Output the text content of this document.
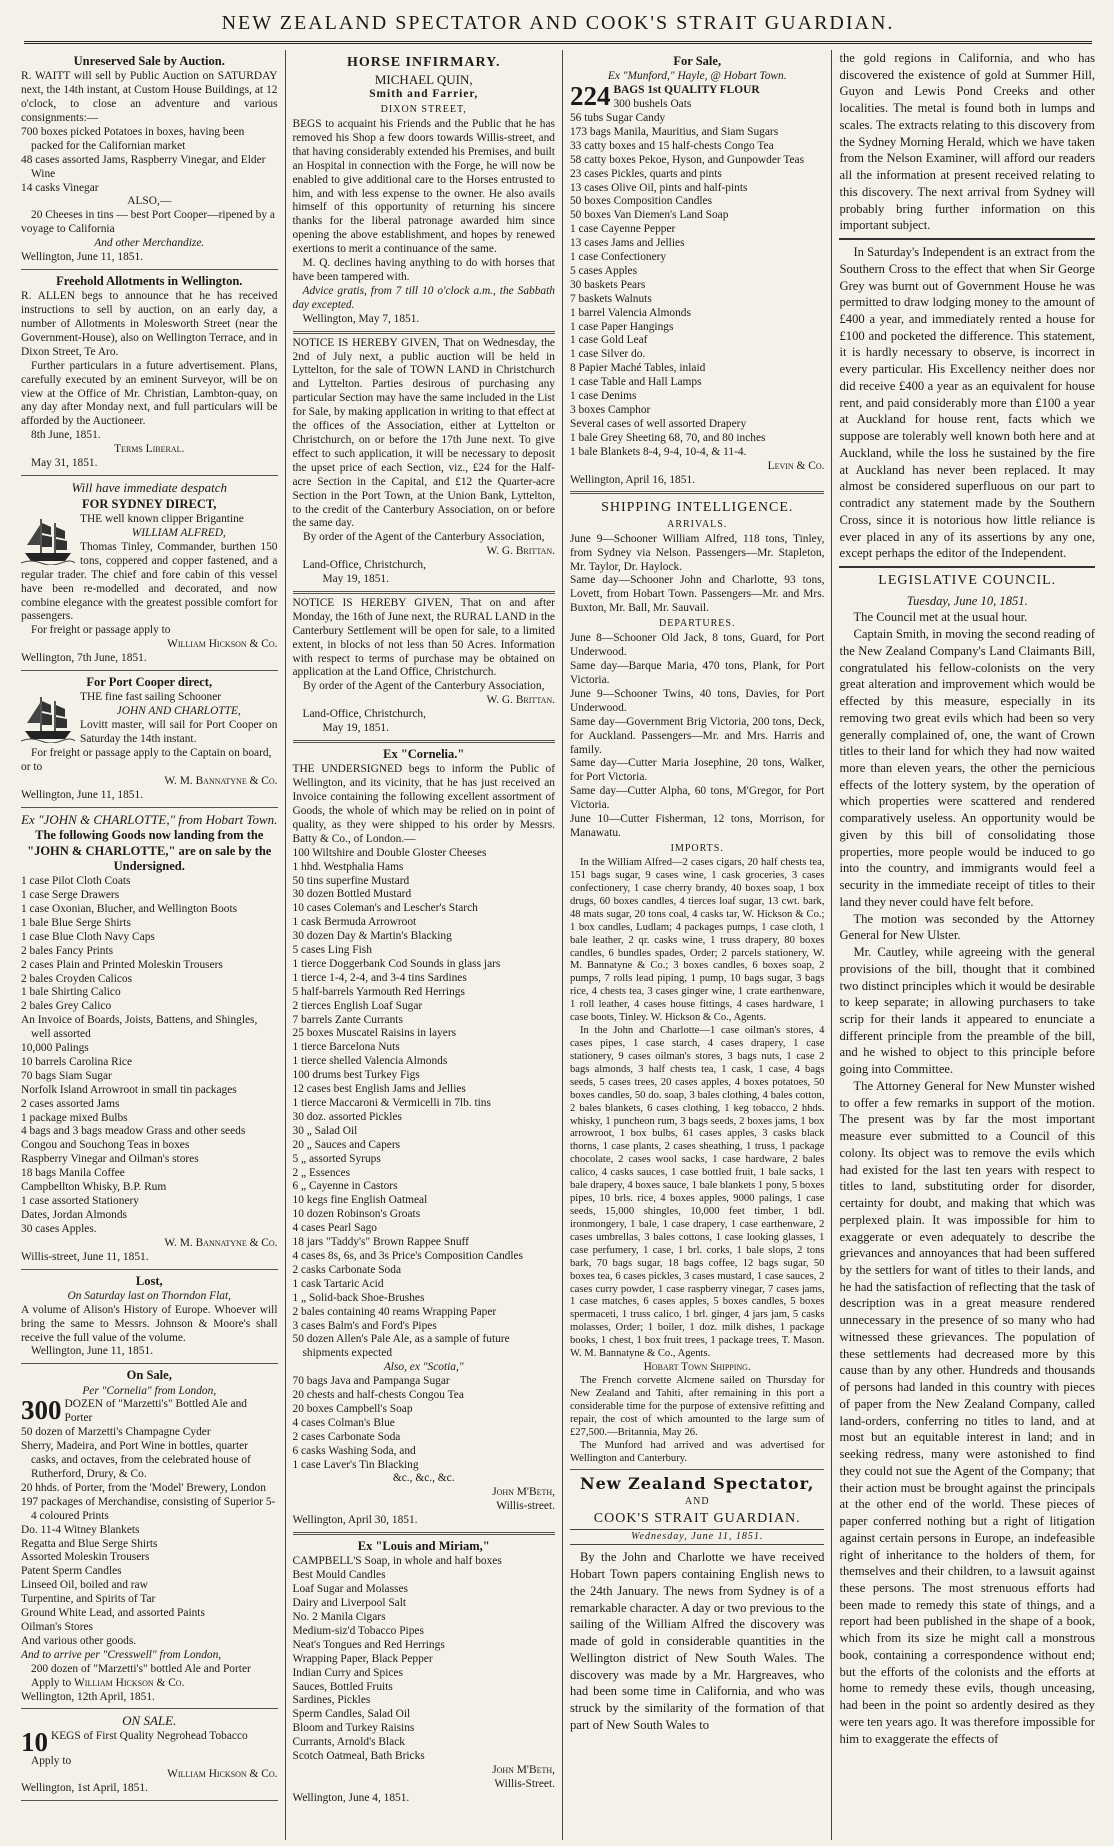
NEW ZEALAND SPECTATOR AND COOK'S STRAIT GUARDIAN.
Unreserved Sale by Auction.

R. WAITT will sell by Public Auction on SATURDAY next, the 14th instant, at Custom House Buildings, at 12 o'clock, to close an adventure and various consignments:—

700 boxes picked Potatoes in boxes, having been packed for the Californian market
48 cases assorted Jams, Raspberry Vinegar, and Elder Wine
14 casks Vinegar
ALSO,—

20 Cheeses in tins — best Port Cooper—ripened by a voyage to California

And other Merchandize.
Wellington, June 11, 1851.
Freehold Allotments in Wellington.

R. ALLEN begs to announce that he has received instructions to sell by auction, on an early day, a number of Allotments in Molesworth Street (near the Government-House), also on Wellington Terrace, and in Dixon Street, Te Aro.

Further particulars in a future advertisement. Plans, carefully executed by an eminent Surveyor, will be on view at the Office of Mr. Christian, Lambton-quay, on any day after Monday next, and full particulars will be afforded by the Auctioneer.

8th June, 1851.
Terms Liberal.
May 31, 1851.
Will have immediate despatch
FOR SYDNEY DIRECT,

THE well known clipper Brigantine

WILLIAM ALFRED,

Thomas Tinley, Commander, burthen 150 tons, coppered and copper fastened, and a regular trader. The chief and fore cabin of this vessel have been re-modelled and decorated, and now combine elegance with the greatest possible comfort for passengers.

For freight or passage apply to

William Hickson & Co.

Wellington, 7th June, 1851.

For Port Cooper direct,

THE fine fast sailing Schooner

JOHN AND CHARLOTTE,

Lovitt master, will sail for Port Cooper on Saturday the 14th instant.

For freight or passage apply to the Captain on board, or to

W. M. Bannatyne & Co.

Wellington, June 11, 1851.

Ex "JOHN & CHARLOTTE," from Hobart Town.
The following Goods now landing from the "JOHN & CHARLOTTE," are on sale by the Undersigned.
1 case Pilot Cloth Coats
1 case Serge Drawers
1 case Oxonian, Blucher, and Wellington Boots
1 bale Blue Serge Shirts
1 case Blue Cloth Navy Caps
2 bales Fancy Prints
2 cases Plain and Printed Moleskin Trousers
2 bales Croyden Calicos
1 bale Shirting Calico
2 bales Grey Calico
An Invoice of Boards, Joists, Battens, and Shingles, well assorted
10,000 Palings
10 barrels Carolina Rice
70 bags Siam Sugar
Norfolk Island Arrowroot in small tin packages
2 cases assorted Jams
1 package mixed Bulbs
4 bags and 3 bags meadow Grass and other seeds
Congou and Souchong Teas in boxes
Raspberry Vinegar and Oilman's stores
18 bags Manila Coffee
Campbellton Whisky, B.P. Rum
1 case assorted Stationery
Dates, Jordan Almonds
30 cases Apples.

W. M. Bannatyne & Co.

Willis-street, June 11, 1851.

Lost,
On Saturday last on Thorndon Flat,

A volume of Alison's History of Europe. Whoever will bring the same to Messrs. Johnson & Moore's shall receive the full value of the volume.

Wellington, June 11, 1851.

On Sale,
Per "Cornelia" from London,
300 DOZEN of "Marzetti's" Bottled Ale and Porter

50 dozen of Marzetti's Champagne Cyder
Sherry, Madeira, and Port Wine in bottles, quarter casks, and octaves, from the celebrated house of Rutherford, Drury, & Co.
20 hhds. of Porter, from the 'Model' Brewery, London
197 packages of Merchandise, consisting of Superior 5-4 coloured Prints
Do. 11-4 Witney Blankets
Regatta and Blue Serge Shirts
Assorted Moleskin Trousers
Patent Sperm Candles
Linseed Oil, boiled and raw
Turpentine, and Spirits of Tar
Ground White Lead, and assorted Paints
Oilman's Stores
And various other goods.

And to arrive per "Cresswell" from London,

200 dozen of "Marzetti's" bottled Ale and Porter

Apply to William Hickson & Co.

Wellington, 12th April, 1851.

ON SALE.
10 KEGS of First Quality Negrohead Tobacco

Apply to

William Hickson & Co.

Wellington, 1st April, 1851.

HORSE INFIRMARY.
MICHAEL QUIN,
Smith and Farrier,
DIXON STREET,

BEGS to acquaint his Friends and the Public that he has removed his Shop a few doors towards Willis-street, and that having considerably extended his Premises, and built an Hospital in connection with the Forge, he will now be enabled to give additional care to the Horses entrusted to him, and with less expense to the owner. He also avails himself of this opportunity of returning his sincere thanks for the liberal patronage awarded him since opening the above establishment, and hopes by renewed exertions to merit a continuance of the same.

M. Q. declines having anything to do with horses that have been tampered with.

Advice gratis, from 7 till 10 o'clock a.m., the Sabbath day excepted.

Wellington, May 7, 1851.

NOTICE IS HEREBY GIVEN, That on Wednesday, the 2nd of July next, a public auction will be held in Lyttelton, for the sale of TOWN LAND in Christchurch and Lyttelton. Parties desirous of purchasing any particular Section may have the same included in the List for Sale, by making application in writing to that effect at the offices of the Association, either at Lyttelton or Christchurch, on or before the 17th June next. To give effect to such application, it will be necessary to deposit the upset price of each Section, viz., £24 for the Half-acre Section in the Capital, and £12 the Quarter-acre Section in the Port Town, at the Union Bank, Lyttelton, to the credit of the Canterbury Association, on or before the same day.

By order of the Agent of the Canterbury Association,

W. G. Brittan.

Land-Office, Christchurch,

May 19, 1851.

NOTICE IS HEREBY GIVEN, That on and after Monday, the 16th of June next, the RURAL LAND in the Canterbury Settlement will be open for sale, to a limited extent, in blocks of not less than 50 Acres. Information with respect to terms of purchase may be obtained on application at the Land Office, Christchurch.

By order of the Agent of the Canterbury Association,

W. G. Brittan.

Land-Office, Christchurch,

May 19, 1851.

Ex "Cornelia."

THE UNDERSIGNED begs to inform the Public of Wellington, and its vicinity, that he has just received an Invoice containing the following excellent assortment of Goods, the whole of which may be relied on in point of quality, as they were shipped to his order by Messrs. Batty & Co., of London.—

100 Wiltshire and Double Gloster Cheeses
1 hhd. Westphalia Hams
50 tins superfine Mustard
30 dozen Bottled Mustard
10 cases Coleman's and Lescher's Starch
1 cask Bermuda Arrowroot
30 dozen Day & Martin's Blacking
5 cases Ling Fish
1 tierce Doggerbank Cod Sounds in glass jars
1 tierce 1-4, 2-4, and 3-4 tins Sardines
5 half-barrels Yarmouth Red Herrings
2 tierces English Loaf Sugar
7 barrels Zante Currants
25 boxes Muscatel Raisins in layers
1 tierce Barcelona Nuts
1 tierce shelled Valencia Almonds
100 drums best Turkey Figs
12 cases best English Jams and Jellies
1 tierce Maccaroni & Vermicelli in 7lb. tins
30 doz. assorted Pickles
30 „ Salad Oil
20 „ Sauces and Capers
5 „ assorted Syrups
2 „ Essences
6 „ Cayenne in Castors
10 kegs fine English Oatmeal
10 dozen Robinson's Groats
4 cases Pearl Sago
18 jars "Taddy's" Brown Rappee Snuff
4 cases 8s, 6s, and 3s Price's Composition Candles
2 casks Carbonate Soda
1 cask Tartaric Acid
1 „ Solid-back Shoe-Brushes
2 bales containing 40 reams Wrapping Paper
3 cases Balm's and Ford's Pipes
50 dozen Allen's Pale Ale, as a sample of future shipments expected
Also, ex "Scotia,"
70 bags Java and Pampanga Sugar
20 chests and half-chests Congou Tea
20 boxes Campbell's Soap
4 cases Colman's Blue
2 cases Carbonate Soda
6 casks Washing Soda, and
1 case Laver's Tin Blacking
&c., &c., &c.

John M'Beth,

Willis-street.

Wellington, April 30, 1851.

Ex "Louis and Miriam,"

CAMPBELL'S Soap, in whole and half boxes

Best Mould Candles
Loaf Sugar and Molasses
Dairy and Liverpool Salt
No. 2 Manila Cigars
Medium-siz'd Tobacco Pipes
Neat's Tongues and Red Herrings
Wrapping Paper, Black Pepper
Indian Curry and Spices
Sauces, Bottled Fruits
Sardines, Pickles
Sperm Candles, Salad Oil
Bloom and Turkey Raisins
Currants, Arnold's Black
Scotch Oatmeal, Bath Bricks

John M'Beth,

Willis-Street.

Wellington, June 4, 1851.

For Sale,
Ex "Munford," Hayle, @ Hobart Town.
224 BAGS 1st QUALITY FLOUR

300 bushels Oats

56 tubs Sugar Candy
173 bags Manila, Mauritius, and Siam Sugars
33 catty boxes and 15 half-chests Congo Tea
58 catty boxes Pekoe, Hyson, and Gunpowder Teas
23 cases Pickles, quarts and pints
13 cases Olive Oil, pints and half-pints
50 boxes Composition Candles
50 boxes Van Diemen's Land Soap
1 case Cayenne Pepper
13 cases Jams and Jellies
1 case Confectionery
5 cases Apples
30 baskets Pears
7 baskets Walnuts
1 barrel Valencia Almonds
1 case Paper Hangings
1 case Gold Leaf
1 case Silver do.
8 Papier Maché Tables, inlaid
1 case Table and Hall Lamps
1 case Denims
3 boxes Camphor
Several cases of well assorted Drapery
1 bale Grey Sheeting 68, 70, and 80 inches
1 bale Blankets 8-4, 9-4, 10-4, & 11-4.

Levin & Co.

Wellington, April 16, 1851.

SHIPPING INTELLIGENCE.
ARRIVALS.

June 9—Schooner William Alfred, 118 tons, Tinley, from Sydney via Nelson. Passengers—Mr. Stapleton, Mr. Taylor, Dr. Haylock.

Same day—Schooner John and Charlotte, 93 tons, Lovett, from Hobart Town. Passengers—Mr. and Mrs. Buxton, Mr. Ball, Mr. Sauvail.

DEPARTURES.

June 8—Schooner Old Jack, 8 tons, Guard, for Port Underwood.

Same day—Barque Maria, 470 tons, Plank, for Port Victoria.

June 9—Schooner Twins, 40 tons, Davies, for Port Underwood.

Same day—Government Brig Victoria, 200 tons, Deck, for Auckland. Passengers—Mr. and Mrs. Harris and family.

Same day—Cutter Maria Josephine, 20 tons, Walker, for Port Victoria.

Same day—Cutter Alpha, 60 tons, M'Gregor, for Port Victoria.

June 10—Cutter Fisherman, 12 tons, Morrison, for Manawatu.

IMPORTS.

In the William Alfred—2 cases cigars, 20 half chests tea, 151 bags sugar, 9 cases wine, 1 cask groceries, 3 cases confectionery, 1 case cherry brandy, 40 boxes soap, 1 box drugs, 60 boxes candles, 4 tierces loaf sugar, 13 cwt. bark, 48 mats sugar, 20 tons coal, 4 casks tar, W. Hickson & Co.; 1 box candles, Ludlam; 4 packages pumps, 1 case cloth, 1 bale leather, 2 qr. casks wine, 1 truss drapery, 80 boxes candles, 6 bundles spades, Order; 2 parcels stationery, W. M. Bannatyne & Co.; 3 boxes candles, 6 boxes soap, 2 pumps, 7 rolls lead piping, 1 pump, 10 bags sugar, 3 bags rice, 4 chests tea, 3 cases ginger wine, 1 crate earthenware, 1 roll leather, 4 cases house fittings, 4 cases hardware, 1 case boots, Tinley. W. Hickson & Co., Agents.

In the John and Charlotte—1 case oilman's stores, 4 cases pipes, 1 case starch, 4 cases drapery, 1 case stationery, 9 cases oilman's stores, 3 bags nuts, 1 case 2 bags almonds, 3 half chests tea, 1 cask, 1 case, 4 bags seeds, 5 cases trees, 20 cases apples, 4 boxes potatoes, 50 boxes candles, 50 do. soap, 3 bales clothing, 4 bales cotton, 2 bales blankets, 6 cases clothing, 1 keg tobacco, 2 hhds. whisky, 1 puncheon rum, 3 bags seeds, 2 boxes jams, 1 box arrowroot, 1 box bulbs, 61 cases apples, 3 casks black thorns, 1 case plants, 2 cases sheathing, 1 truss, 1 package chocolate, 2 cases wool sacks, 1 case hardware, 2 bales calico, 4 casks sauces, 1 case bottled fruit, 1 bale sacks, 1 bale drapery, 4 boxes sauce, 1 bale blankets 1 pony, 5 boxes pipes, 10 brls. rice, 4 boxes apples, 9000 palings, 1 case seeds, 15,000 shingles, 10,000 feet timber, 1 bdl. ironmongery, 1 bale, 1 case drapery, 1 case earthenware, 2 cases umbrellas, 3 bales cottons, 1 case looking glasses, 1 case perfumery, 1 case, 1 brl. corks, 1 bale slops, 2 tons bark, 70 bags sugar, 18 bags coffee, 12 bags sugar, 50 boxes tea, 6 cases pickles, 3 cases mustard, 1 case sauces, 2 cases curry powder, 1 case raspberry vinegar, 7 cases jams, 1 case matches, 6 cases apples, 5 boxes candles, 5 boxes spermaceti, 1 truss calico, 1 brl. ginger, 4 jars jam, 5 casks molasses, Order; 1 boiler, 1 doz. milk dishes, 1 package books, 1 chest, 1 box fruit trees, 1 package trees, T. Mason. W. M. Bannatyne & Co., Agents.

Hobart Town Shipping.

The French corvette Alcmene sailed on Thursday for New Zealand and Tahiti, after remaining in this port a considerable time for the purpose of extensive refitting and repair, the cost of which amounted to the large sum of £27,500.—Britannia, May 26.

The Munford had arrived and was advertised for Wellington and Canterbury.

New Zealand Spectator,
AND
COOK'S STRAIT GUARDIAN.
Wednesday, June 11, 1851.

By the John and Charlotte we have received Hobart Town papers containing English news to the 24th January. The news from Sydney is of a remarkable character. A day or two previous to the sailing of the William Alfred the discovery was made of gold in considerable quantities in the Wellington district of New South Wales. The discovery was made by a Mr. Hargreaves, who had been some time in California, and who was struck by the similarity of the formation of that part of New South Wales to

the gold regions in California, and who has discovered the existence of gold at Summer Hill, Guyon and Lewis Pond Creeks and other localities. The metal is found both in lumps and scales. The extracts relating to this discovery from the Sydney Morning Herald, which we have taken from the Nelson Examiner, will afford our readers all the information at present received relating to this discovery. The next arrival from Sydney will probably bring further information on this important subject.

In Saturday's Independent is an extract from the Southern Cross to the effect that when Sir George Grey was burnt out of Government House he was permitted to draw lodging money to the amount of £400 a year, and immediately rented a house for £100 and pocketed the difference. This statement, it is hardly necessary to observe, is incorrect in every particular. His Excellency neither does nor did receive £400 a year as an equivalent for house rent, and paid considerably more than £100 a year at Auckland for house rent, facts which we suppose are tolerably well known both here and at Auckland, while the loss he sustained by the fire at Auckland has never been replaced. It may almost be considered superfluous on our part to contradict any statement made by the Southern Cross, since it is notorious how little reliance is ever placed in any of its assertions by any one, except perhaps the editor of the Independent.

LEGISLATIVE COUNCIL.

Tuesday, June 10, 1851.

The Council met at the usual hour.

Captain Smith, in moving the second reading of the New Zealand Company's Land Claimants Bill, congratulated his fellow-colonists on the very great alteration and improvement which would be effected by this measure, especially in its removing two great evils which had been so very generally complained of, one, the want of Crown titles to their land for which they had now waited more than eleven years, the other the pernicious effects of the lottery system, by the operation of which properties were scattered and rendered comparatively useless. An opportunity would be given by this bill of consolidating those properties, more people would be induced to go into the country, and immigrants would feel a security in the immediate receipt of titles to their land they never could have felt before.

The motion was seconded by the Attorney General for New Ulster.

Mr. Cautley, while agreeing with the general provisions of the bill, thought that it combined two distinct principles which it would be desirable to keep separate; in allowing purchasers to take scrip for their lands it appeared to enunciate a different principle from the preamble of the bill, and he wished to object to this principle before going into Committee.

The Attorney General for New Munster wished to offer a few remarks in support of the motion. The present was by far the most important measure ever submitted to a Council of this colony. Its object was to remove the evils which had existed for the last ten years with respect to titles to land, substituting order for disorder, certainty for doubt, and making that which was perplexed plain. It was impossible for him to exaggerate or even adequately to describe the grievances and annoyances that had been suffered by the settlers for want of titles to their lands, and he had the satisfaction of reflecting that the task of description was in a great measure rendered unnecessary in the presence of so many who had witnessed these grievances. The population of these settlements had decreased more by this cause than by any other. Hundreds and thousands of persons had landed in this country with pieces of paper from the New Zealand Company, called land-orders, conferring no titles to land, and at most but an equitable interest in land; and in seeking redress, many were astonished to find they could not sue the Agent of the Company; that their action must be brought against the principals at the other end of the world. These pieces of paper conferred nothing but a right of litigation against certain persons in Europe, an indefeasible right of inheritance to the holders of them, for themselves and their children, to a lawsuit against these persons. The most strenuous efforts had been made to remedy this state of things, and a report had been published in the shape of a book, which from its size he might call a monstrous book, containing a correspondence without end; but the efforts of the colonists and the efforts at home to remedy these evils, though unceasing, had been in the point so ardently desired as they were ten years ago. It was therefore impossible for him to exaggerate the effects of
